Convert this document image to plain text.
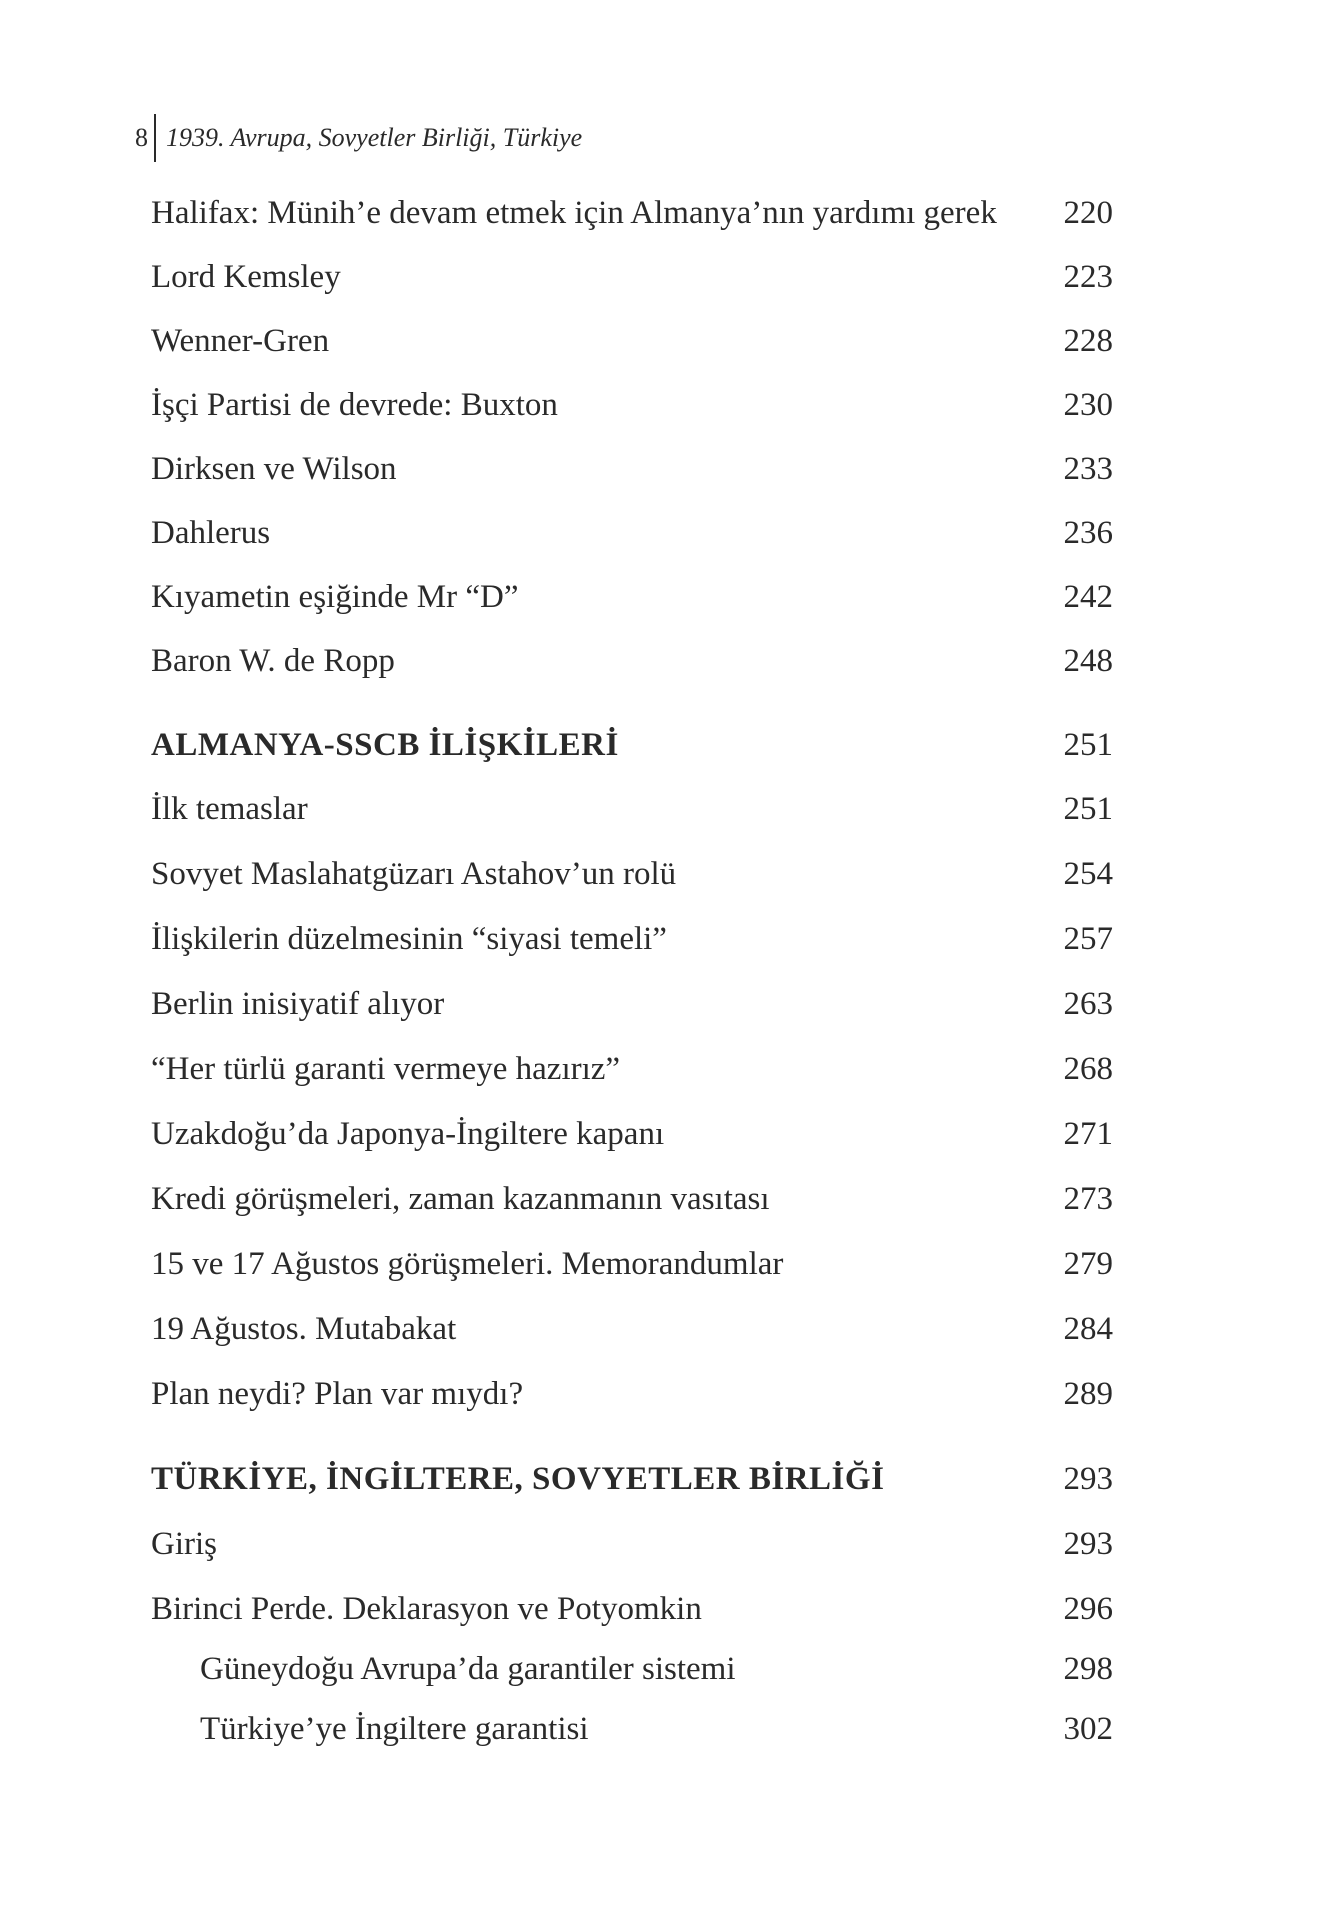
8 1939. Avrupa, Sovyetler Birliği, Türkiye
Halifax: Münih’e devam etmek için Almanya’nın yardımı gerek	220
Lord Kemsley	223
Wenner-Gren	228
İşçi Partisi de devrede: Buxton	230
Dirksen ve Wilson	233
Dahlerus	236
Kıyametin eşiğinde Mr “D”	242
Baron W. de Ropp	248
ALMANYA-SSCB İLİŞKİLERİ	251
İlk temaslar	251
Sovyet Maslahatgüzarı Astahov’un rolü	254
İlişkilerin düzelmesinin “siyasi temeli”	257
Berlin inisiyatif alıyor	263
“Her türlü garanti vermeye hazırız”	268
Uzakdoğu’da Japonya-İngiltere kapanı	271
Kredi görüşmeleri, zaman kazanmanın vasıtası	273
15 ve 17 Ağustos görüşmeleri. Memorandumlar	279
19 Ağustos. Mutabakat	284
Plan neydi? Plan var mıydı?	289
TÜRKİYE, İNGİLTERE, SOVYETLER BİRLİĞİ	293
Giriş	293
Birinci Perde. Deklarasyon ve Potyomkin	296
Güneydoğu Avrupa’da garantiler sistemi	298
Türkiye’ye İngiltere garantisi	302
